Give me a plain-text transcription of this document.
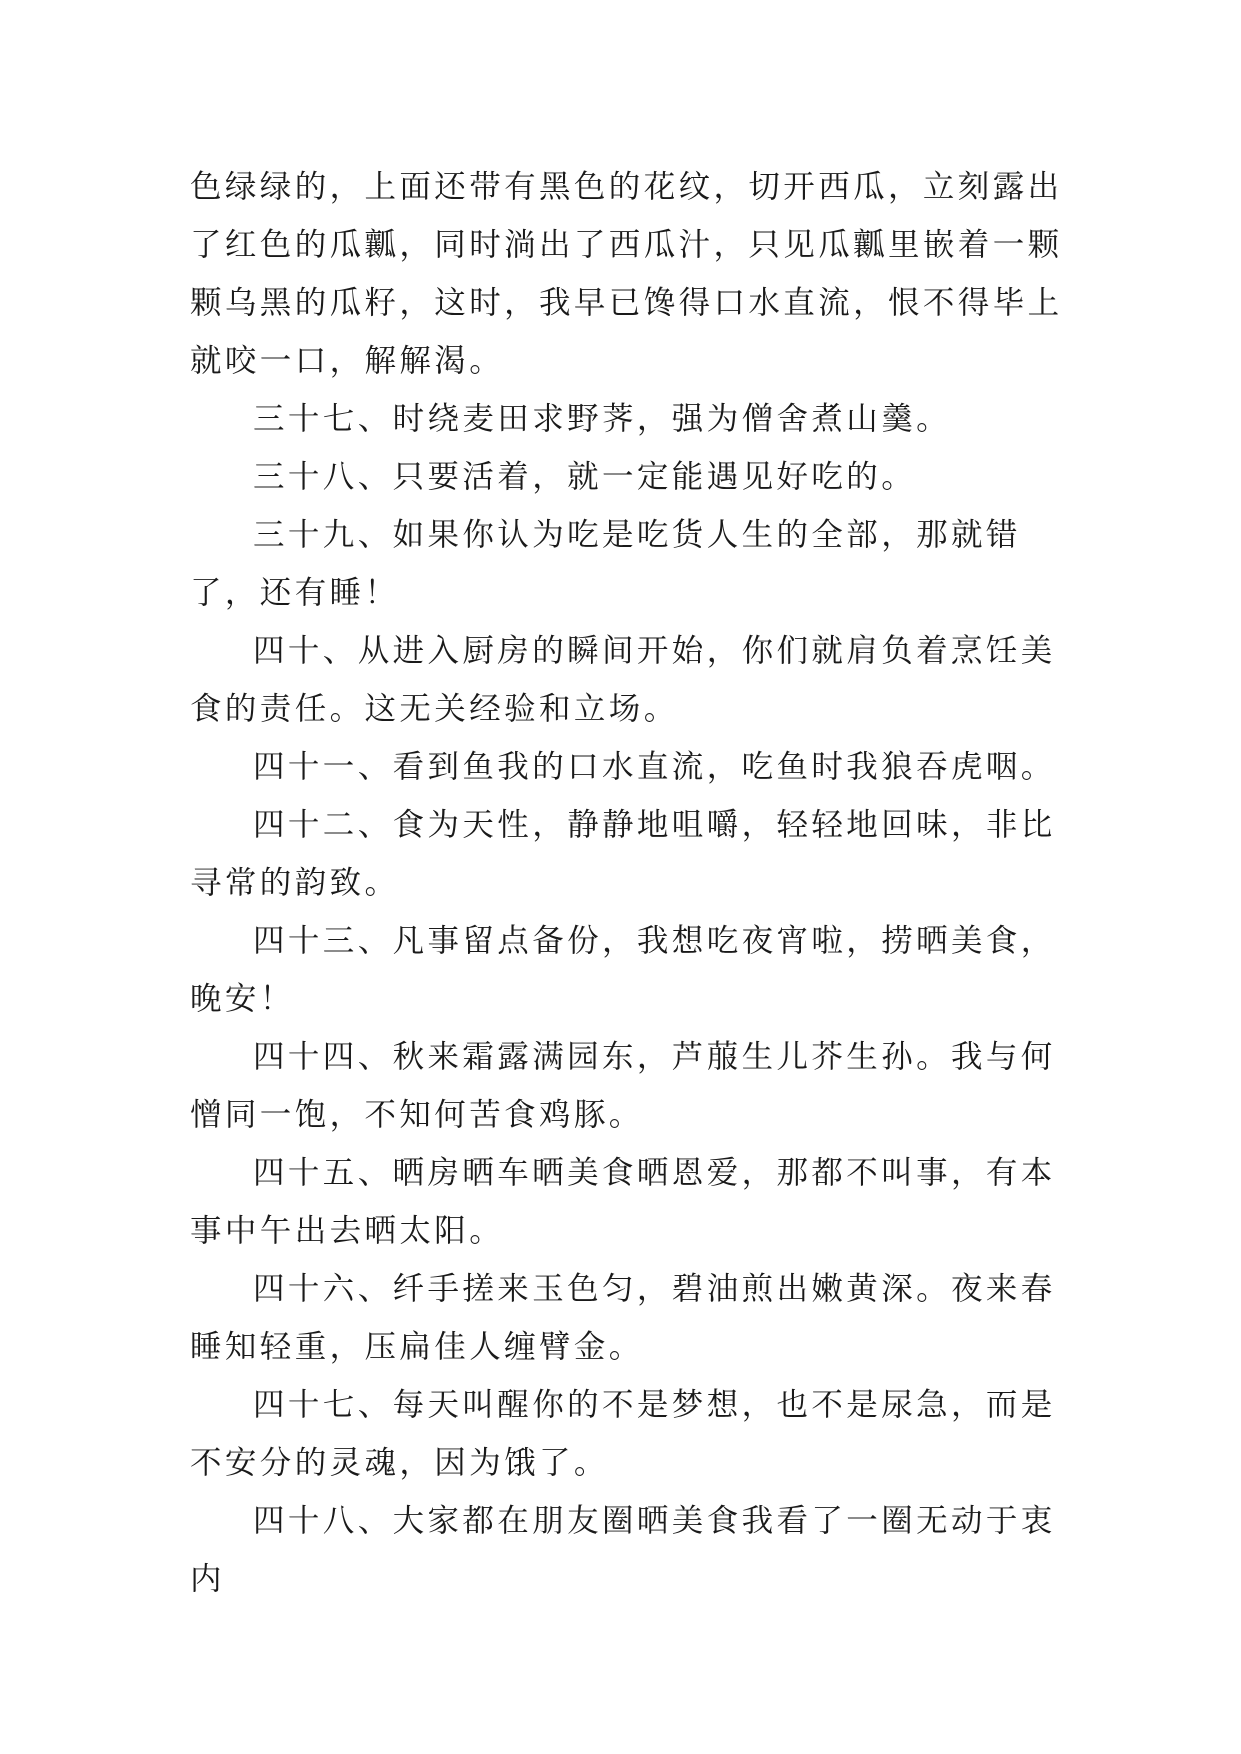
色绿绿的，上面还带有黑色的花纹，切开西瓜，立刻露出了红色的瓜瓤，同时淌出了西瓜汁，只见瓜瓤里嵌着一颗颗乌黑的瓜籽，这时，我早已馋得口水直流，恨不得毕上就咬一口，解解渴。

三十七、时绕麦田求野荠，强为僧舍煮山羹。

三十八、只要活着，就一定能遇见好吃的。

三十九、如果你认为吃是吃货人生的全部，那就错了，还有睡！

四十、从进入厨房的瞬间开始，你们就肩负着烹饪美食的责任。这无关经验和立场。

四十一、看到鱼我的口水直流，吃鱼时我狼吞虎咽。

四十二、食为天性，静静地咀嚼，轻轻地回味，非比寻常的韵致。

四十三、凡事留点备份，我想吃夜宵啦，捞晒美食，晚安！

四十四、秋来霜露满园东，芦菔生儿芥生孙。我与何憎同一饱，不知何苦食鸡豚。

四十五、晒房晒车晒美食晒恩爱，那都不叫事，有本事中午出去晒太阳。

四十六、纤手搓来玉色匀，碧油煎出嫩黄深。夜来春睡知轻重，压扁佳人缠臂金。

四十七、每天叫醒你的不是梦想，也不是尿急，而是不安分的灵魂，因为饿了。

四十八、大家都在朋友圈晒美食我看了一圈无动于衷内
